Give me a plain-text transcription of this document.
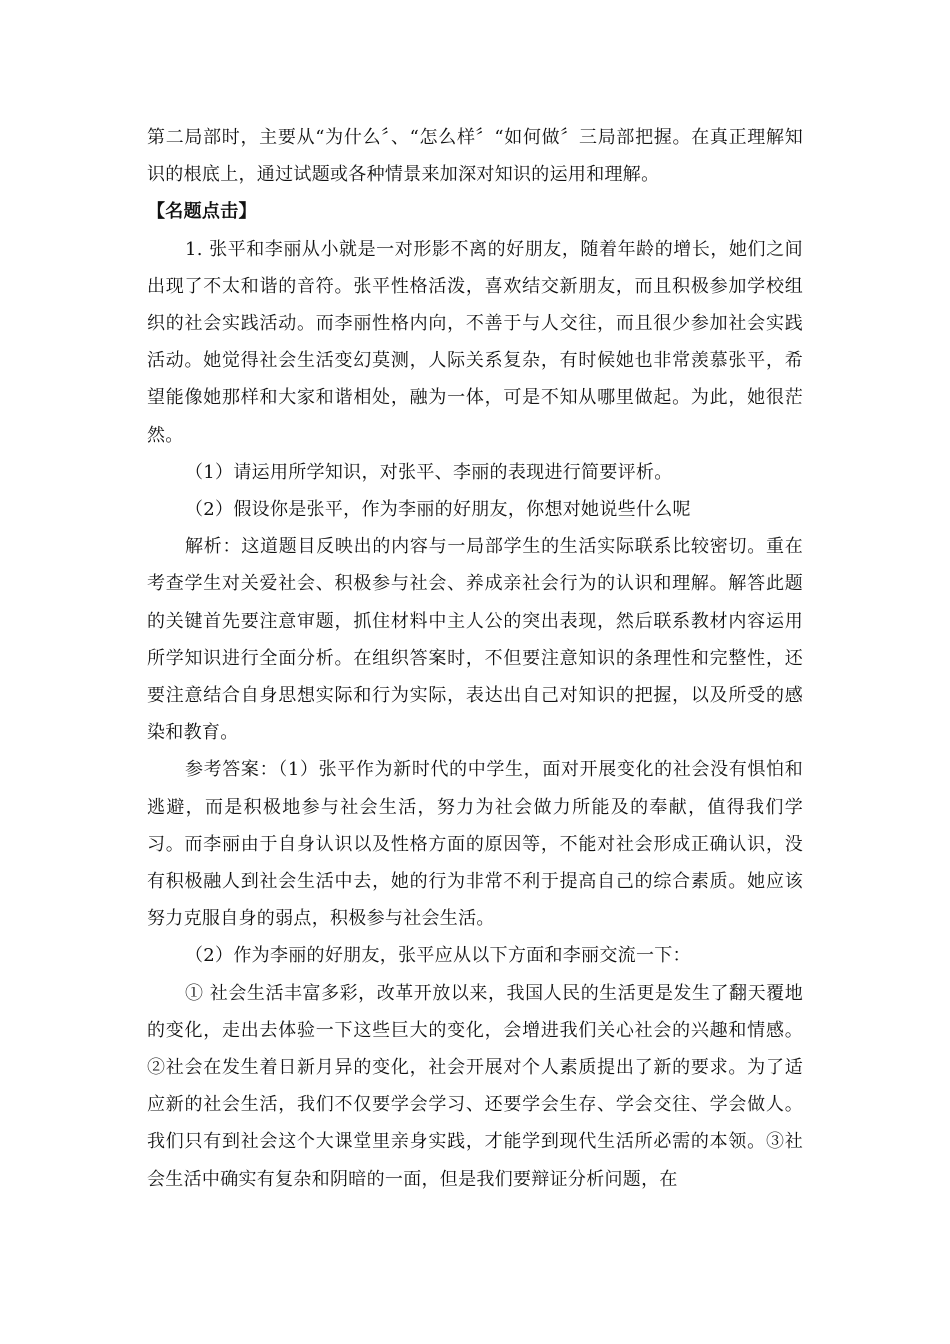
第二局部时，主要从“为什么〞、“怎么样〞“如何做〞三局部把握。在真正理解知识的根底上，通过试题或各种情景来加深对知识的运用和理解。

【名题点击】

1. 张平和李丽从小就是一对形影不离的好朋友，随着年龄的增长，她们之间出现了不太和谐的音符。张平性格活泼，喜欢结交新朋友，而且积极参加学校组织的社会实践活动。而李丽性格内向，不善于与人交往，而且很少参加社会实践活动。她觉得社会生活变幻莫测，人际关系复杂，有时候她也非常羡慕张平，希望能像她那样和大家和谐相处，融为一体，可是不知从哪里做起。为此，她很茫然。

（1）请运用所学知识，对张平、李丽的表现进行简要评析。

（2）假设你是张平，作为李丽的好朋友，你想对她说些什么呢

解析：这道题目反映出的内容与一局部学生的生活实际联系比较密切。重在考查学生对关爱社会、积极参与社会、养成亲社会行为的认识和理解。解答此题的关键首先要注意审题，抓住材料中主人公的突出表现，然后联系教材内容运用所学知识进行全面分析。在组织答案时，不但要注意知识的条理性和完整性，还要注意结合自身思想实际和行为实际，表达出自己对知识的把握，以及所受的感染和教育。

参考答案：（1）张平作为新时代的中学生，面对开展变化的社会没有惧怕和逃避，而是积极地参与社会生活，努力为社会做力所能及的奉献，值得我们学习。而李丽由于自身认识以及性格方面的原因等，不能对社会形成正确认识，没有积极融人到社会生活中去，她的行为非常不利于提高自己的综合素质。她应该努力克服自身的弱点，积极参与社会生活。

（2）作为李丽的好朋友，张平应从以下方面和李丽交流一下：

① 社会生活丰富多彩，改革开放以来，我国人民的生活更是发生了翻天覆地的变化，走出去体验一下这些巨大的变化，会增进我们关心社会的兴趣和情感。②社会在发生着日新月异的变化，社会开展对个人素质提出了新的要求。为了适应新的社会生活，我们不仅要学会学习、还要学会生存、学会交往、学会做人。我们只有到社会这个大课堂里亲身实践，才能学到现代生活所必需的本领。③社会生活中确实有复杂和阴暗的一面，但是我们要辩证分析问题，在
